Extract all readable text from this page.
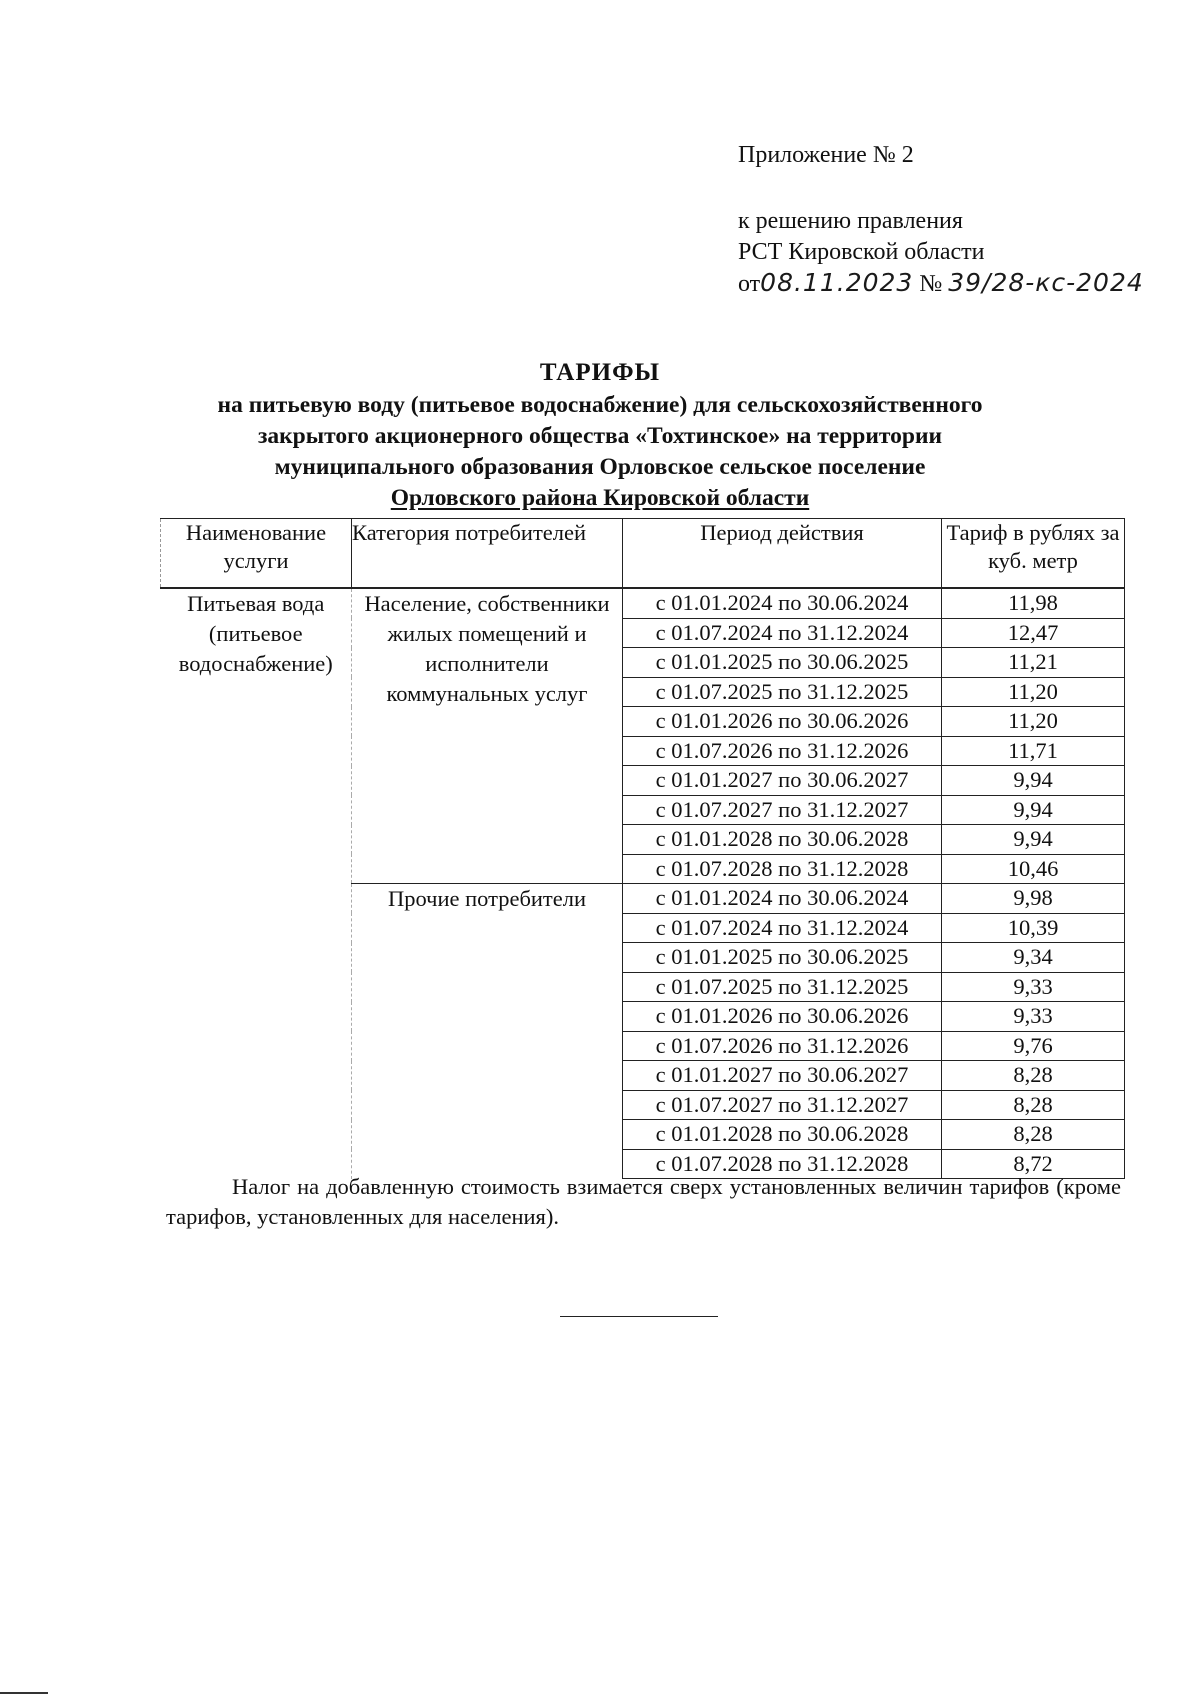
Приложение № 2
к решению правления
РСТ Кировской области
от08.11.2023 № 39/28-кс-2024
ТАРИФЫ
на питьевую воду (питьевое водоснабжение) для сельскохозяйственного
закрытого акционерного общества «Тохтинское» на территории
муниципального образования Орловское сельское поселение
Орловского района Кировской области
Наименование услуги	Категория потребителей	Период действия	Тариф в рублях за куб. метр
Питьевая вода (питьевое водоснабжение)	Население, собственники жилых помещений и исполнители коммунальных услуг	с 01.01.2024 по 30.06.2024	11,98
		с 01.07.2024 по 31.12.2024	12,47
		с 01.01.2025 по 30.06.2025	11,21
		с 01.07.2025 по 31.12.2025	11,20
		с 01.01.2026 по 30.06.2026	11,20
		с 01.07.2026 по 31.12.2026	11,71
		с 01.01.2027 по 30.06.2027	9,94
		с 01.07.2027 по 31.12.2027	9,94
		с 01.01.2028 по 30.06.2028	9,94
		с 01.07.2028 по 31.12.2028	10,46
	Прочие потребители	с 01.01.2024 по 30.06.2024	9,98
		с 01.07.2024 по 31.12.2024	10,39
		с 01.01.2025 по 30.06.2025	9,34
		с 01.07.2025 по 31.12.2025	9,33
		с 01.01.2026 по 30.06.2026	9,33
		с 01.07.2026 по 31.12.2026	9,76
		с 01.01.2027 по 30.06.2027	8,28
		с 01.07.2027 по 31.12.2027	8,28
		с 01.01.2028 по 30.06.2028	8,28
		с 01.07.2028 по 31.12.2028	8,72
Налог на добавленную стоимость взимается сверх установленных величин тарифов (кроме тарифов, установленных для населения).
